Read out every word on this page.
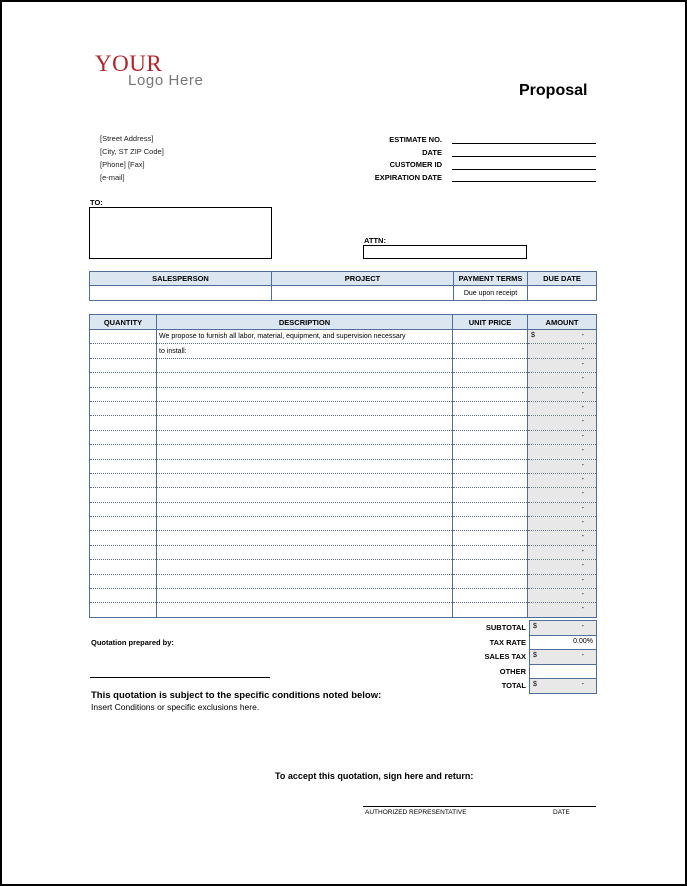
YOUR
Logo Here
Proposal
[Street Address]
[City, ST ZIP Code]
[Phone] [Fax]
[e-mail]
ESTIMATE NO.
DATE
CUSTOMER ID
EXPIRATION DATE
TO:
ATTN:
SALESPERSON	PROJECT	PAYMENT TERMS	DUE DATE
		Due upon receipt	
QUANTITY	DESCRIPTION	UNIT PRICE	AMOUNT
	We propose to furnish all labor, material, equipment, and supervision necessary		$ -

	to install:		-

			-

			-

			-

			-

			-

			-

			-

			-

			-

			-

			-

			-

			-

			-

			-

			-

			-

			-
SUBTOTAL	$ -

TAX RATE	0.00%

SALES TAX	$ -

OTHER	
TOTAL	$ -
Quotation prepared by:
This quotation is subject to the specific conditions noted below:
Insert Conditions or specific exclusions here.
To accept this quotation, sign here and return:
AUTHORIZED REPRESENTATIVE	DATE
